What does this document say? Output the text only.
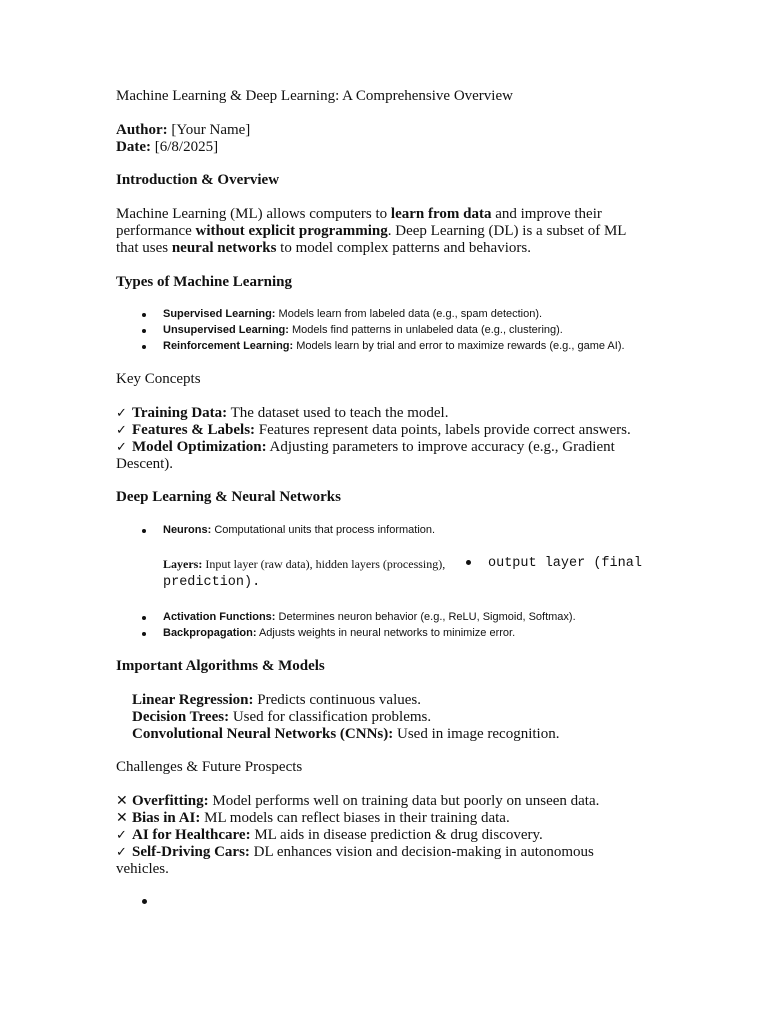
Machine Learning & Deep Learning: A Comprehensive Overview
Author: [Your Name]
Date: [6/8/2025]
Introduction & Overview
Machine Learning (ML) allows computers to learn from data and improve their
performance without explicit programming. Deep Learning (DL) is a subset of ML
that uses neural networks to model complex patterns and behaviors.
Types of Machine Learning
Supervised Learning: Models learn from labeled data (e.g., spam detection).
Unsupervised Learning: Models find patterns in unlabeled data (e.g., clustering).
Reinforcement Learning: Models learn by trial and error to maximize rewards (e.g., game AI).
Key Concepts
✓ Training Data: The dataset used to teach the model.
✓ Features & Labels: Features represent data points, labels provide correct answers.
✓ Model Optimization: Adjusting parameters to improve accuracy (e.g., Gradient
Descent).
Deep Learning & Neural Networks
Neurons: Computational units that process information.
Layers: Input layer (raw data), hidden layers (processing),	output layer (final
prediction).
Activation Functions: Determines neuron behavior (e.g., ReLU, Sigmoid, Softmax).
Backpropagation: Adjusts weights in neural networks to minimize error.
Important Algorithms & Models
Linear Regression: Predicts continuous values.
Decision Trees: Used for classification problems.
Convolutional Neural Networks (CNNs): Used in image recognition.
Challenges & Future Prospects
✕ Overfitting: Model performs well on training data but poorly on unseen data.
✕ Bias in AI: ML models can reflect biases in their training data.
✓ AI for Healthcare: ML aids in disease prediction & drug discovery.
✓ Self-Driving Cars: DL enhances vision and decision-making in autonomous
vehicles.
